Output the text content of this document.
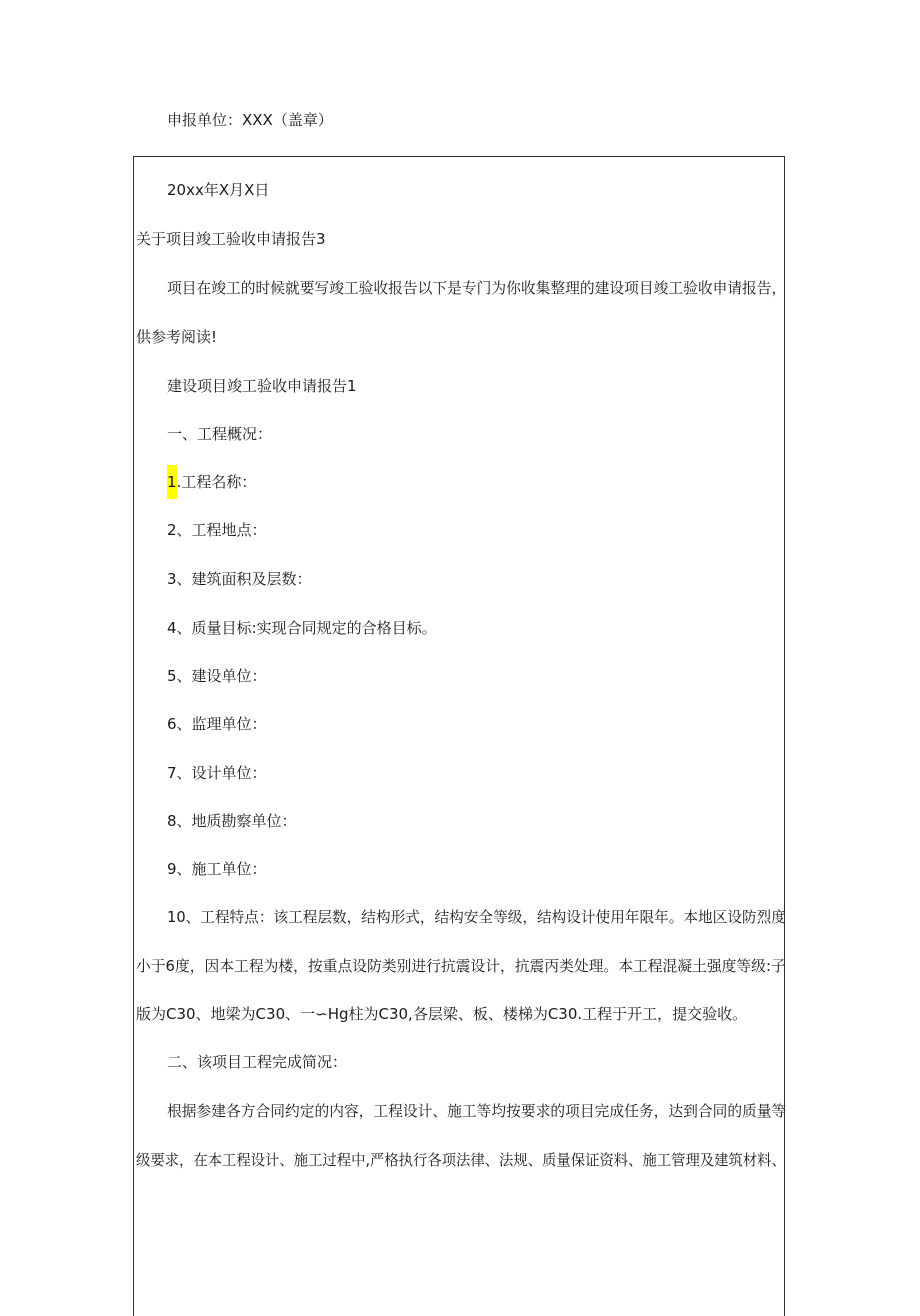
申报单位：XXX（盖章）
20xx年X月X日
关于项目竣工验收申请报告3
项目在竣工的时候就要写竣工验收报告以下是专门为你收集整理的建设项目竣工验收申请报告，
供参考阅读!
建设项目竣工验收申请报告1
一、工程概况：
1.工程名称：
2、工程地点：
3、建筑面积及层数：
4、质量目标:实现合同规定的合格目标。
5、建设单位：
6、监理单位：
7、设计单位：
8、地质勘察单位：
9、施工单位：
10、工程特点：该工程层数，结构形式，结构安全等级，结构设计使用年限年。本地区设防烈度
小于6度，因本工程为楼，按重点设防类别进行抗震设计，抗震丙类处理。本工程混凝土强度等级:子
版为C30、地梁为C30、一∽Hg柱为C30,各层梁、板、楼梯为C30.工程于开工，提交验收。
二、该项目工程完成简况：
根据参建各方合同约定的内容，工程设计、施工等均按要求的项目完成任务，达到合同的质量等
级要求，在本工程设计、施工过程中,严格执行各项法律、法规、质量保证资料、施工管理及建筑材料、
